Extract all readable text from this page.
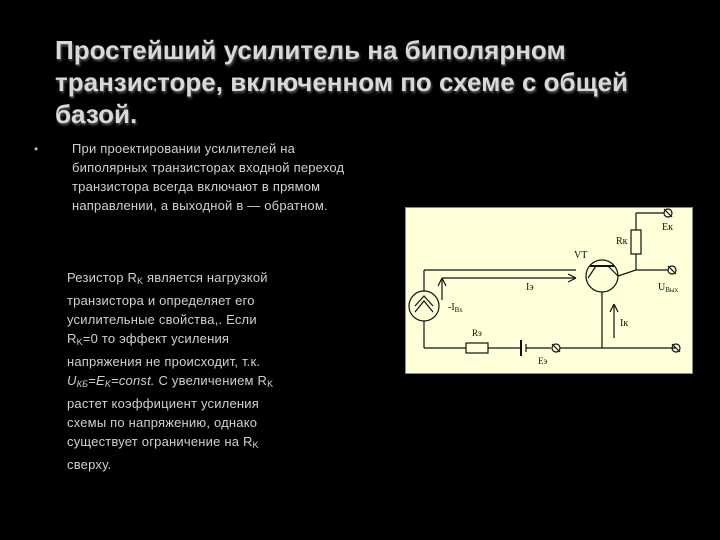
Простейший усилитель на биполярном транзисторе, включенном по схеме с общей базой.
•	При проектировании усилителей на биполярных транзисторах входной переход транзистора всегда включают в прямом направлении, а выходной в — обратном.
Резистор $R_K$ является нагрузкой
транзистора и определяет его
усилительные свойства,. Если
$R_K=0$ то эффект усиления
напряжения не происходит, т.к.
$U_{КБ}=E_K=const$. С увеличением $R_K$
растет коэффициент усиления
схемы по напряжению, однако
существует ограничение на $R_K$
сверху.
Eк
Rк
VT
Iэ
$-I_{Вх}$
Iк
Rэ
Eэ
$U_{Вых}$
